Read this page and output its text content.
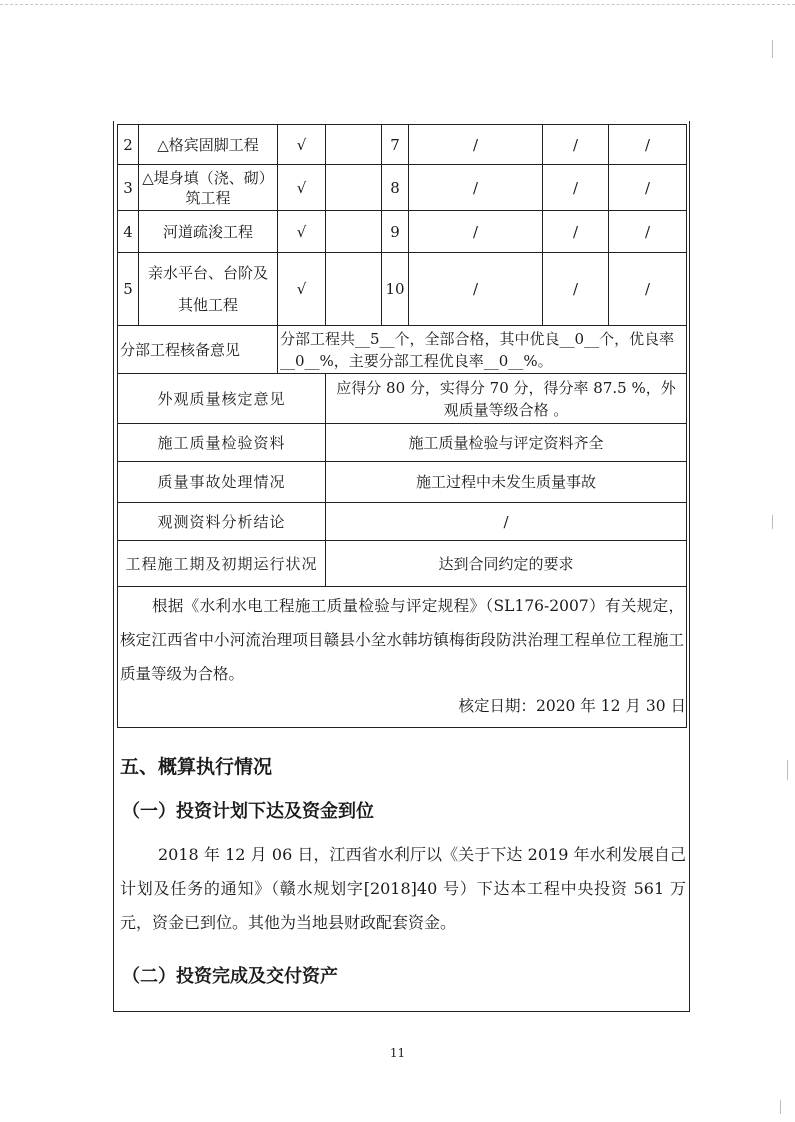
2	△格宾固脚工程	√		7	/	/	/
3	△堤身填（浇、砌）筑工程	√		8	/	/	/
4	河道疏浚工程	√		9	/	/	/
5	亲水平台、台阶及其他工程	√		10	/	/	/
分部工程核备意见		分部工程共__5__个，全部合格，其中优良__0__个，优良率__0__%，主要分部工程优良率__0__%。					
外观质量核定意见			应得分 80 分，实得分 70 分，得分率 87.5 %，外观质量等级合格 。				
施工质量检验资料			施工质量检验与评定资料齐全				
质量事故处理情况			施工过程中未发生质量事故				
观测资料分析结论			/				
工程施工期及初期运行状况			达到合同约定的要求				

根据《水利水电工程施工质量检验与评定规程》（SL176-2007）有关规定，核定江西省中小河流治理项目赣县小坌水韩坊镇梅街段防洪治理工程单位工程施工质量等级为合格。

核定日期：2020 年 12 月 30 日							
五、概算执行情况
（一）投资计划下达及资金到位

2018 年 12 月 06 日，江西省水利厅以《关于下达 2019 年水利发展自己计划及任务的通知》（赣水规划字[2018]40 号）下达本工程中央投资 561 万元，资金已到位。其他为当地县财政配套资金。

（二）投资完成及交付资产
11
